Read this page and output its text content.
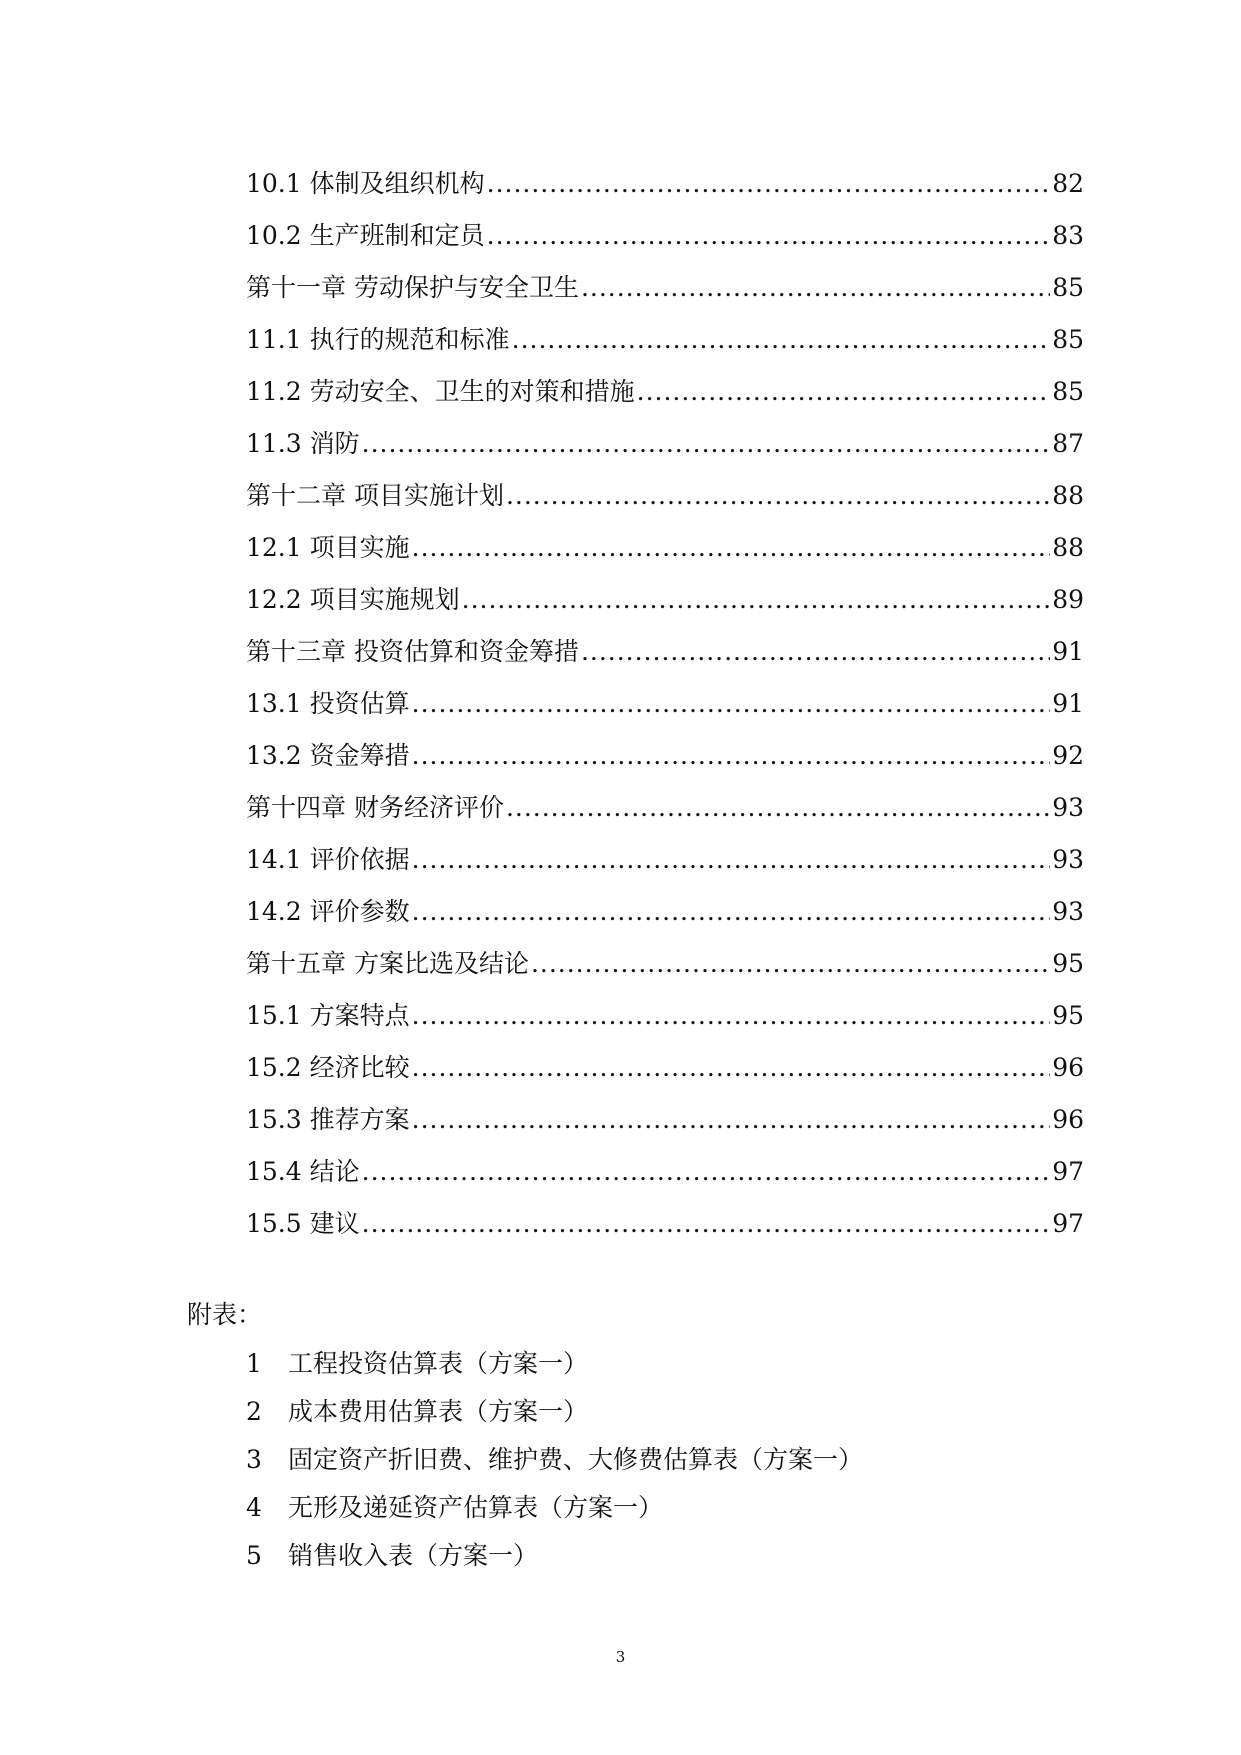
10.1 体制及组织机构 .....	82
10.2 生产班制和定员 .....	83
第十一章 劳动保护与安全卫生 .....	85
11.1 执行的规范和标准 .....	85
11.2 劳动安全、卫生的对策和措施 .....	85
11.3 消防 .....	87
第十二章 项目实施计划 .....	88
12.1 项目实施 .....	88
12.2 项目实施规划 .....	89
第十三章 投资估算和资金筹措 .....	91
13.1 投资估算 .....	91
13.2 资金筹措 .....	92
第十四章 财务经济评价 .....	93
14.1 评价依据 .....	93
14.2 评价参数 .....	93
第十五章 方案比选及结论 .....	95
15.1 方案特点 .....	95
15.2 经济比较 .....	96
15.3 推荐方案 .....	96
15.4 结论 .....	97
15.5 建议 .....	97
附表：
1 工程投资估算表（方案一）
2 成本费用估算表（方案一）
3 固定资产折旧费、维护费、大修费估算表（方案一）
4 无形及递延资产估算表（方案一）
5 销售收入表（方案一）
3
